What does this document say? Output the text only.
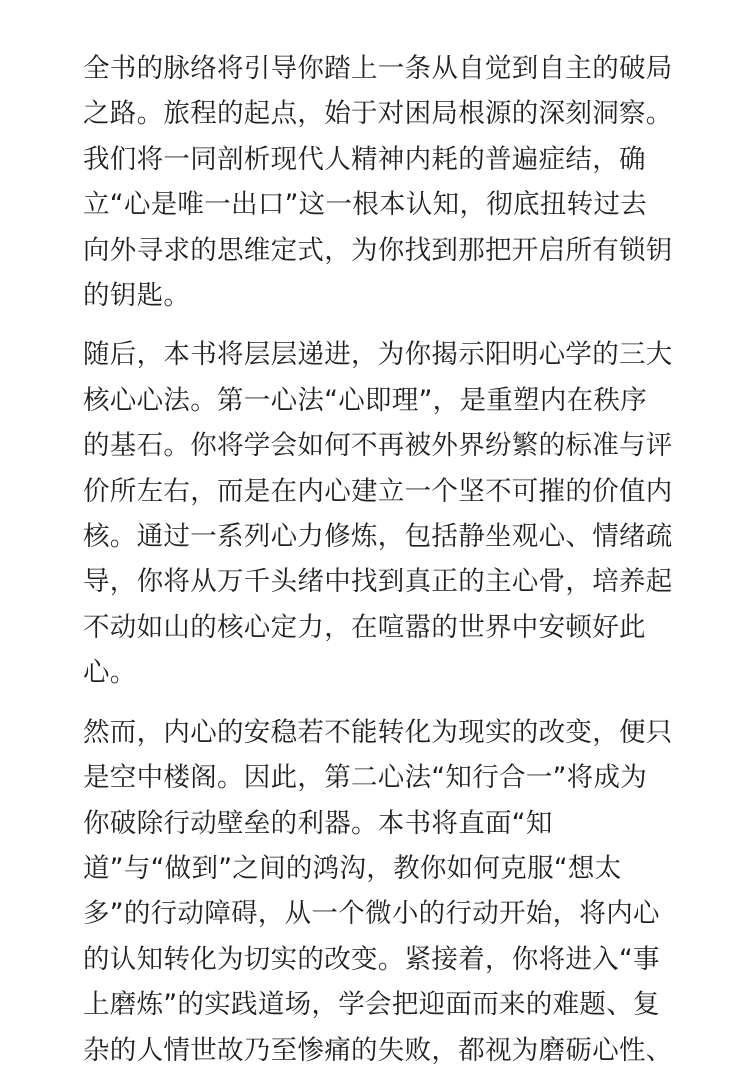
全书的脉络将引导你踏上一条从自觉到自主的破局
之路。旅程的起点，始于对困局根源的深刻洞察。
我们将一同剖析现代人精神内耗的普遍症结，确
立“心是唯一出口”这一根本认知，彻底扭转过去
向外寻求的思维定式，为你找到那把开启所有锁钥
的钥匙。

随后，本书将层层递进，为你揭示阳明心学的三大
核心心法。第一心法“心即理”，是重塑内在秩序
的基石。你将学会如何不再被外界纷繁的标准与评
价所左右，而是在内心建立一个坚不可摧的价值内
核。通过一系列心力修炼，包括静坐观心、情绪疏
导，你将从万千头绪中找到真正的主心骨，培养起
不动如山的核心定力，在喧嚣的世界中安顿好此
心。

然而，内心的安稳若不能转化为现实的改变，便只
是空中楼阁。因此，第二心法“知行合一”将成为
你破除行动壁垒的利器。本书将直面“知
道”与“做到”之间的鸿沟，教你如何克服“想太
多”的行动障碍，从一个微小的行动开始，将内心
的认知转化为切实的改变。紧接着，你将进入“事
上磨炼”的实践道场，学会把迎面而来的难题、复
杂的人情世故乃至惨痛的失败，都视为磨砺心性、
